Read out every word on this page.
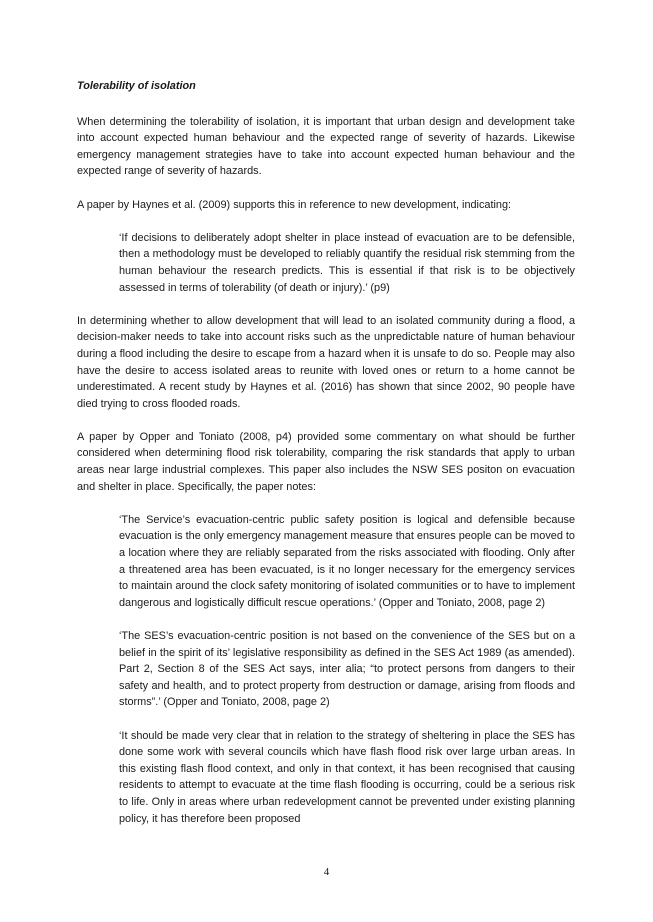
Tolerability of isolation

When determining the tolerability of isolation, it is important that urban design and development take into account expected human behaviour and the expected range of severity of hazards. Likewise emergency management strategies have to take into account expected human behaviour and the expected range of severity of hazards.

A paper by Haynes et al. (2009) supports this in reference to new development, indicating:

‘If decisions to deliberately adopt shelter in place instead of evacuation are to be defensible, then a methodology must be developed to reliably quantify the residual risk stemming from the human behaviour the research predicts. This is essential if that risk is to be objectively assessed in terms of tolerability (of death or injury).’ (p9)

In determining whether to allow development that will lead to an isolated community during a flood, a decision-maker needs to take into account risks such as the unpredictable nature of human behaviour during a flood including the desire to escape from a hazard when it is unsafe to do so. People may also have the desire to access isolated areas to reunite with loved ones or return to a home cannot be underestimated. A recent study by Haynes et al. (2016) has shown that since 2002, 90 people have died trying to cross flooded roads.

A paper by Opper and Toniato (2008, p4) provided some commentary on what should be further considered when determining flood risk tolerability, comparing the risk standards that apply to urban areas near large industrial complexes. This paper also includes the NSW SES positon on evacuation and shelter in place. Specifically, the paper notes:

‘The Service’s evacuation-centric public safety position is logical and defensible because evacuation is the only emergency management measure that ensures people can be moved to a location where they are reliably separated from the risks associated with flooding. Only after a threatened area has been evacuated, is it no longer necessary for the emergency services to maintain around the clock safety monitoring of isolated communities or to have to implement dangerous and logistically difficult rescue operations.’ (Opper and Toniato, 2008, page 2)
‘The SES’s evacuation-centric position is not based on the convenience of the SES but on a belief in the spirit of its’ legislative responsibility as defined in the SES Act 1989 (as amended). Part 2, Section 8 of the SES Act says, inter alia; “to protect persons from dangers to their safety and health, and to protect property from destruction or damage, arising from floods and storms”.’ (Opper and Toniato, 2008, page 2)
‘It should be made very clear that in relation to the strategy of sheltering in place the SES has done some work with several councils which have flash flood risk over large urban areas. In this existing flash flood context, and only in that context, it has been recognised that causing residents to attempt to evacuate at the time flash flooding is occurring, could be a serious risk to life. Only in areas where urban redevelopment cannot be prevented under existing planning policy, it has therefore been proposed
4
